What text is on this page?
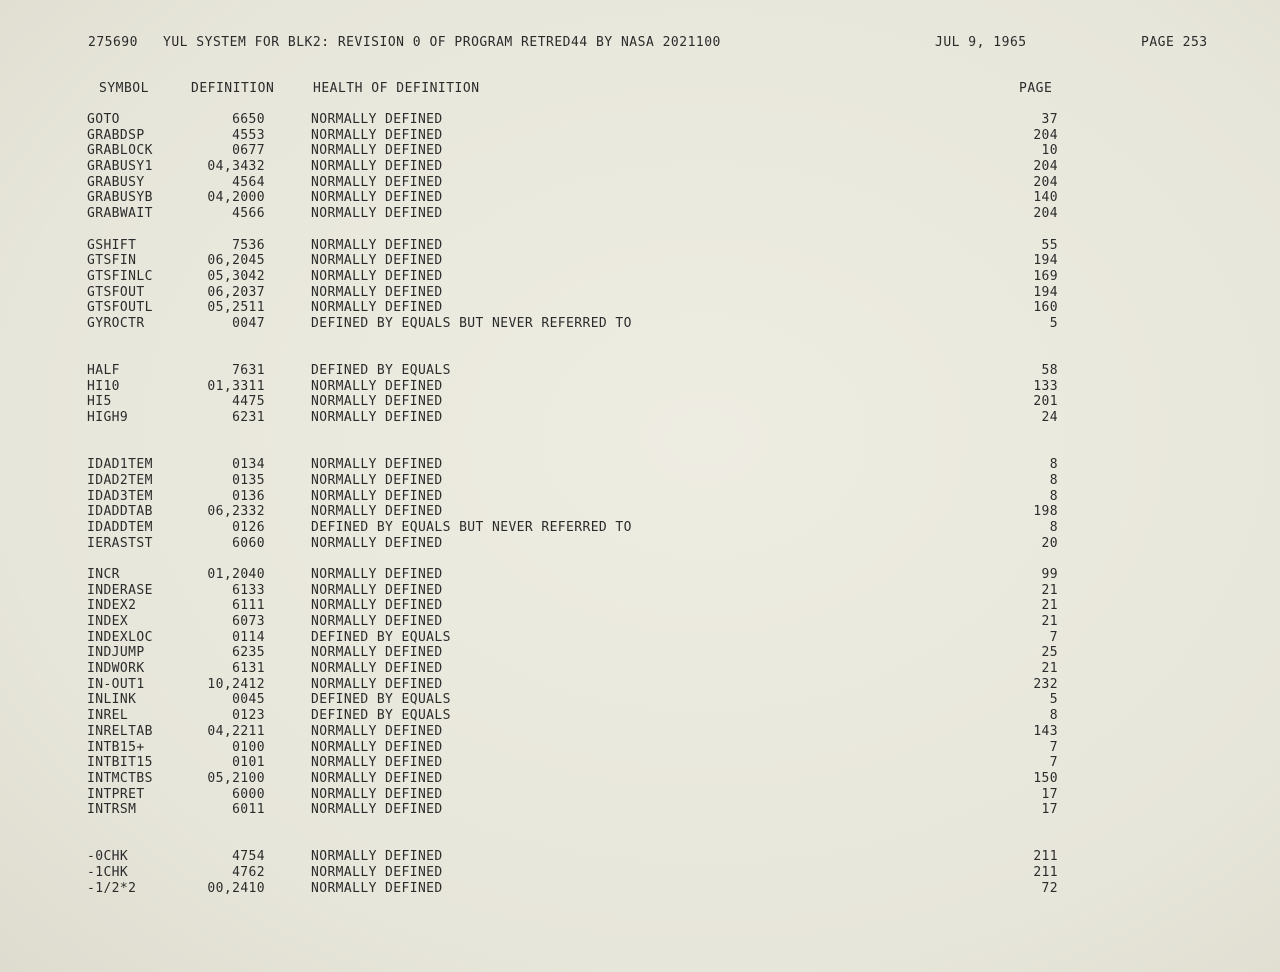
275690 YUL SYSTEM FOR BLK2: REVISION 0 OF PROGRAM RETRED44 BY NASA 2021100	JUL 9, 1965	PAGE 253
SYMBOL	DEFINITION	HEALTH OF DEFINITION	PAGE
GOTO	6650	NORMALLY DEFINED	37
GRABDSP	4553	NORMALLY DEFINED	204
GRABLOCK	0677	NORMALLY DEFINED	10
GRABUSY1	04,3432	NORMALLY DEFINED	204
GRABUSY	4564	NORMALLY DEFINED	204
GRABUSYB	04,2000	NORMALLY DEFINED	140
GRABWAIT	4566	NORMALLY DEFINED	204
GSHIFT	7536	NORMALLY DEFINED	55
GTSFIN	06,2045	NORMALLY DEFINED	194
GTSFINLC	05,3042	NORMALLY DEFINED	169
GTSFOUT	06,2037	NORMALLY DEFINED	194
GTSFOUTL	05,2511	NORMALLY DEFINED	160
GYROCTR	0047	DEFINED BY EQUALS BUT NEVER REFERRED TO	5
HALF	7631	DEFINED BY EQUALS	58
HI10	01,3311	NORMALLY DEFINED	133
HI5	4475	NORMALLY DEFINED	201
HIGH9	6231	NORMALLY DEFINED	24
IDAD1TEM	0134	NORMALLY DEFINED	8
IDAD2TEM	0135	NORMALLY DEFINED	8
IDAD3TEM	0136	NORMALLY DEFINED	8
IDADDTAB	06,2332	NORMALLY DEFINED	198
IDADDTEM	0126	DEFINED BY EQUALS BUT NEVER REFERRED TO	8
IERASTST	6060	NORMALLY DEFINED	20
INCR	01,2040	NORMALLY DEFINED	99
INDERASE	6133	NORMALLY DEFINED	21
INDEX2	6111	NORMALLY DEFINED	21
INDEX	6073	NORMALLY DEFINED	21
INDEXLOC	0114	DEFINED BY EQUALS	7
INDJUMP	6235	NORMALLY DEFINED	25
INDWORK	6131	NORMALLY DEFINED	21
IN-OUT1	10,2412	NORMALLY DEFINED	232
INLINK	0045	DEFINED BY EQUALS	5
INREL	0123	DEFINED BY EQUALS	8
INRELTAB	04,2211	NORMALLY DEFINED	143
INTB15+	0100	NORMALLY DEFINED	7
INTBIT15	0101	NORMALLY DEFINED	7
INTMCTBS	05,2100	NORMALLY DEFINED	150
INTPRET	6000	NORMALLY DEFINED	17
INTRSM	6011	NORMALLY DEFINED	17
-0CHK	4754	NORMALLY DEFINED	211
-1CHK	4762	NORMALLY DEFINED	211
-1/2*2	00,2410	NORMALLY DEFINED	72
